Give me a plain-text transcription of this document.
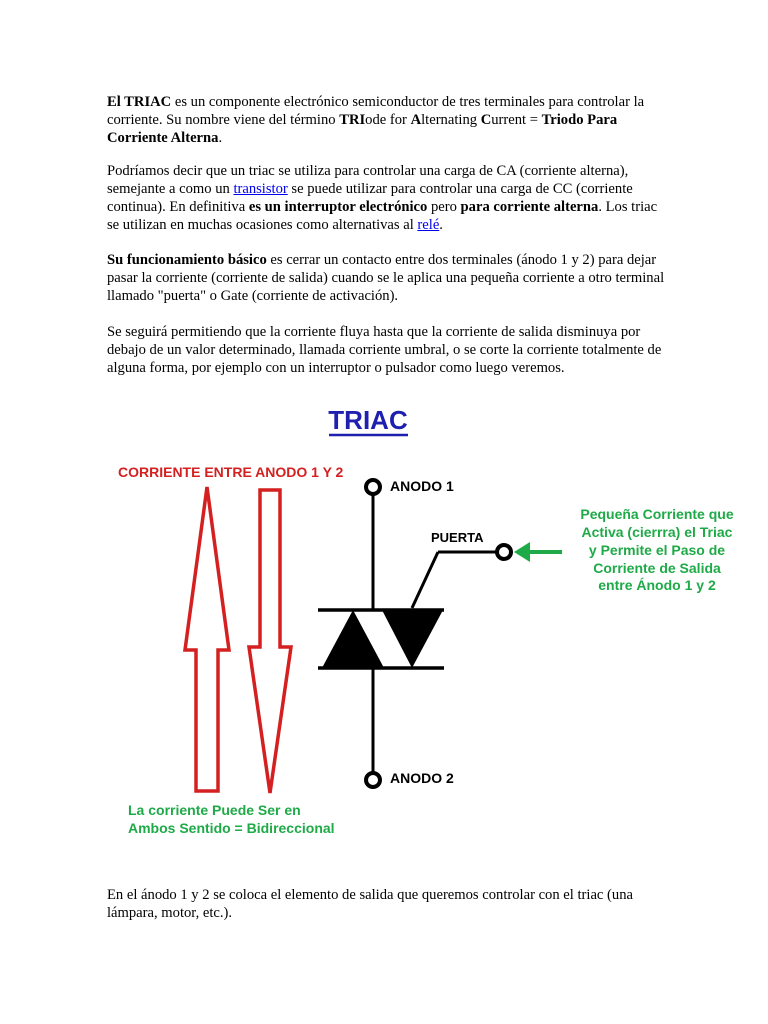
El TRIAC es un componente electrónico semiconductor de tres terminales para controlar la corriente. Su nombre viene del término TRIode for Alternating Current = Triodo Para Corriente Alterna.

Podríamos decir que un triac se utiliza para controlar una carga de CA (corriente alterna), semejante a como un transistor se puede utilizar para controlar una carga de CC (corriente continua). En definitiva es un interruptor electrónico pero para corriente alterna. Los triac se utilizan en muchas ocasiones como alternativas al relé.

Su funcionamiento básico es cerrar un contacto entre dos terminales (ánodo 1 y 2) para dejar pasar la corriente (corriente de salida) cuando se le aplica una pequeña corriente a otro terminal llamado "puerta" o Gate (corriente de activación).

Se seguirá permitiendo que la corriente fluya hasta que la corriente de salida disminuya por debajo de un valor determinado, llamada corriente umbral, o se corte la corriente totalmente de alguna forma, por ejemplo con un interruptor o pulsador como luego veremos.

TRIAC
CORRIENTE ENTRE ANODO 1 Y 2
La corriente Puede Ser en
Ambos Sentido = Bidireccional
ANODO 1
ANODO 2
PUERTA
Pequeña Corriente que
Activa (cierrra) el Triac
y Permite el Paso de
Corriente de Salida
entre Ánodo 1 y 2

En el ánodo 1 y 2 se coloca el elemento de salida que queremos controlar con el triac (una lámpara, motor, etc.).
